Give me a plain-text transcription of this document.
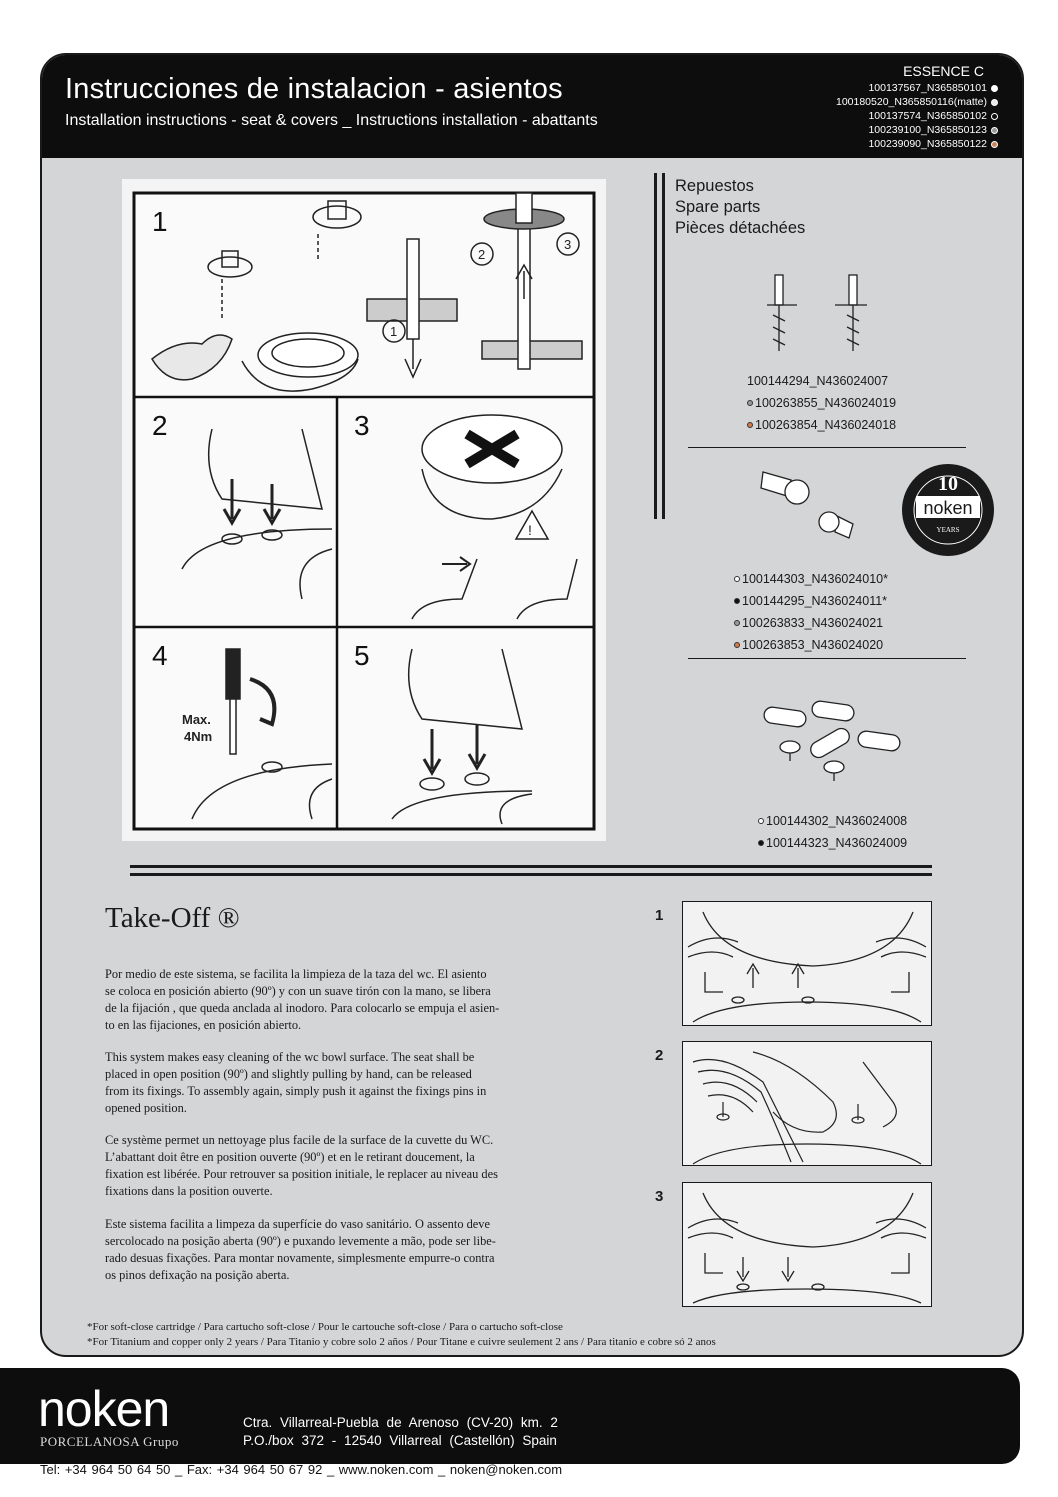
Instrucciones de instalacion - asientos
Installation instructions - seat & covers _ Instructions installation - abattants
ESSENCE C
100137567_N365850101
100180520_N365850116(matte)
100137574_N365850102
100239100_N365850123
100239090_N365850122
1
1
2
3
2	3
!
4
Max.
4Nm
5
Repuestos
Spare parts
Pièces détachées
100144294_N436024007
100263855_N436024019
100263854_N436024018
10
noken
YEARS
100144303_N436024010*
100144295_N436024011*
100263833_N436024021
100263853_N436024020
100144302_N436024008
100144323_N436024009
Take-Off ®
Por medio de este sistema, se facilita la limpieza de la taza del wc. El asiento
se coloca en posición abierto (90º) y con un suave tirón con la mano, se libera
de la fijación , que queda anclada al inodoro. Para colocarlo se empuja el asien-
to en las fijaciones, en posición abierto.
This system makes easy cleaning of the wc bowl surface. The seat shall be
placed in open position (90º) and slightly pulling by hand, can be released
from its fixings. To assembly again, simply push it against the fixings pins in
opened position.
Ce système permet un nettoyage plus facile de la surface de la cuvette du WC.
L’abattant doit être en position ouverte (90º) et en le retirant doucement, la
fixation est libérée. Pour retrouver sa position initiale, le replacer au niveau des
fixations dans la position ouverte.
Este sistema facilita a limpeza da superfície do vaso sanitário. O assento deve
sercolocado na posição aberta (90º) e puxando levemente a mão, pode ser libe-
rado desuas fixações. Para montar novamente, simplesmente empurre-o contra
os pinos defixação na posição aberta.
1
2
3
*For soft-close cartridge / Para cartucho soft-close / Pour le cartouche soft-close / Para o cartucho soft-close
*For Titanium and copper only 2 years / Para Titanio y cobre solo 2 años / Pour Titane e cuivre seulement 2 ans / Para titanio e cobre só 2 anos
noken
PORCELANOSA Grupo
Ctra. Villarreal-Puebla de Arenoso (CV-20) km. 2
P.O./box 372 - 12540 Villarreal (Castellón) Spain
Tel: +34 964 50 64 50 _ Fax: +34 964 50 67 92 _ www.noken.com _ noken@noken.com
